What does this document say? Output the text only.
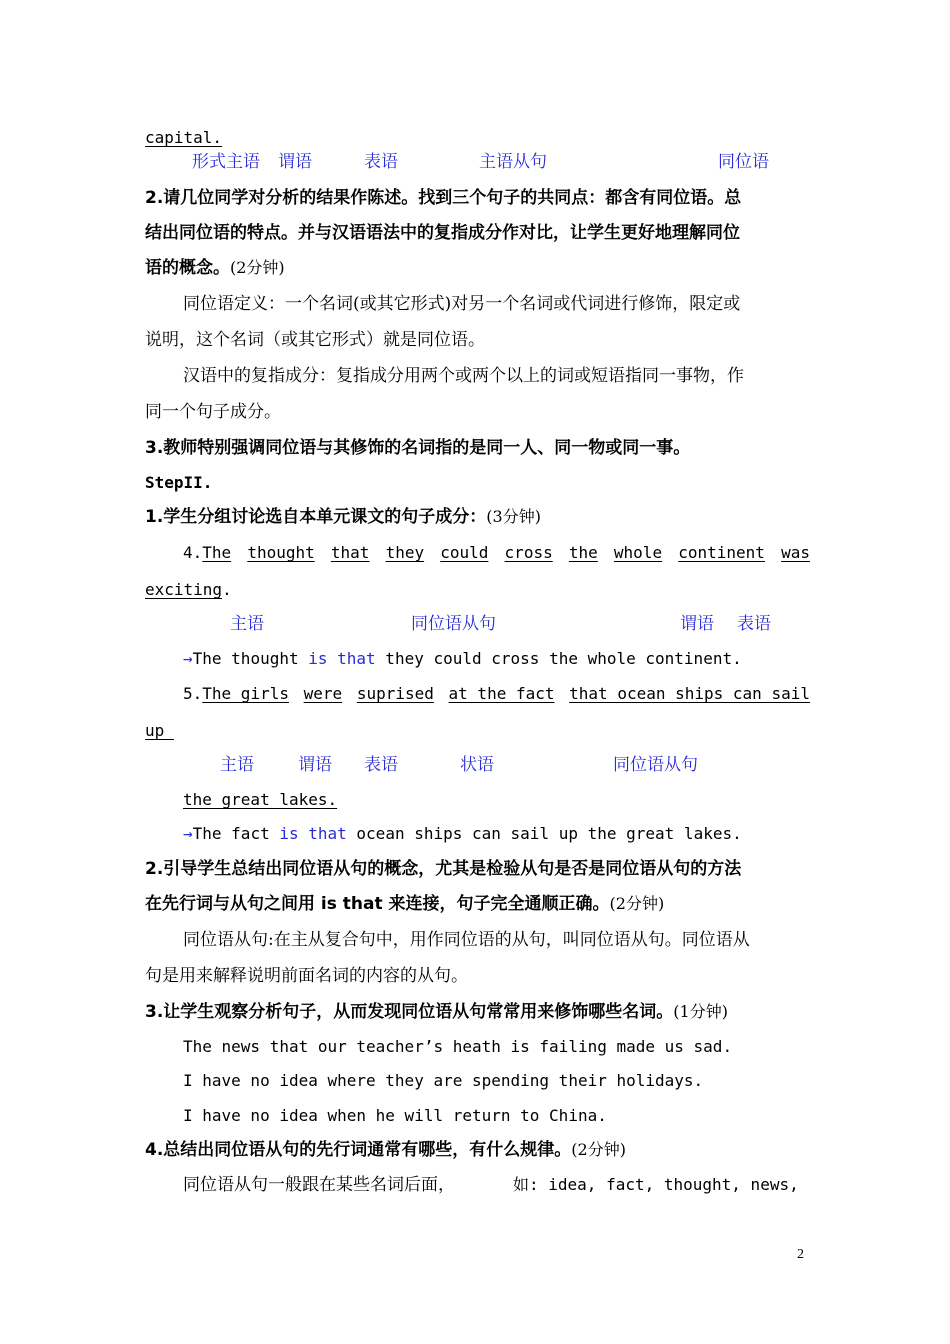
capital.
形式主语 谓语	表语	主语从句	同位语
2.请几位同学对分析的结果作陈述。找到三个句子的共同点：都含有同位语。总
结出同位语的特点。并与汉语语法中的复指成分作对比，让学生更好地理解同位
语的概念。(2分钟)
同位语定义：一个名词(或其它形式)对另一个名词或代词进行修饰，限定或
说明，这个名词（或其它形式）就是同位语。
汉语中的复指成分：复指成分用两个或两个以上的词或短语指同一事物，作
同一个句子成分。
3.教师特别强调同位语与其修饰的名词指的是同一人、同一物或同一事。
StepII.
1.学生分组讨论选自本单元课文的句子成分：(3分钟)
4.The thought that they could cross the whole continent was
exciting.
主语	同位语从句	谓语 表语
→The thought is that they could cross the whole continent.
5.The girls were suprised at the fact that ocean ships can sail
up
主语	谓语 表语	状语	同位语从句
the great lakes.
→The fact is that ocean ships can sail up the great lakes.
2.引导学生总结出同位语从句的概念，尤其是检验从句是否是同位语从句的方法
在先行词与从句之间用 is that 来连接，句子完全通顺正确。(2分钟)
同位语从句:在主从复合句中，用作同位语的从句，叫同位语从句。同位语从
句是用来解释说明前面名词的内容的从句。
3.让学生观察分析句子，从而发现同位语从句常常用来修饰哪些名词。(1分钟)
The news that our teacher’s heath is failing made us sad.
I have no idea where they are spending their holidays.
I have no idea when he will return to China.
4.总结出同位语从句的先行词通常有哪些，有什么规律。(2分钟)
同位语从句一般跟在某些名词后面，	如: idea, fact, thought, news,
2
